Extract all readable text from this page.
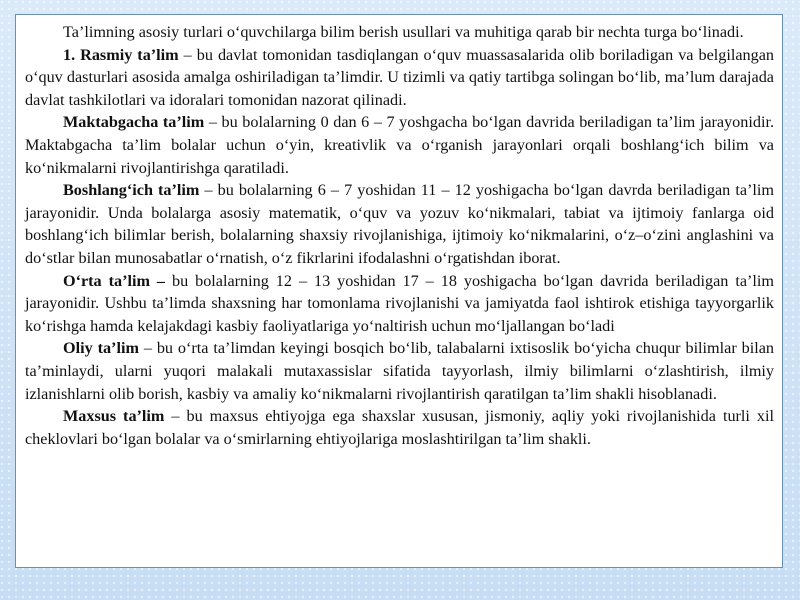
Ta’limning asosiy turlari o‘quvchilarga bilim berish usullari va muhitiga qarab bir nechta turga bo‘linadi.

1. Rasmiy ta’lim – bu davlat tomonidan tasdiqlangan o‘quv muassasalarida olib boriladigan va belgilangan o‘quv dasturlari asosida amalga oshiriladigan ta’limdir. U tizimli va qatiy tartibga solingan bo‘lib, ma’lum darajada davlat tashkilotlari va idoralari tomonidan nazorat qilinadi.

Maktabgacha ta’lim – bu bolalarning 0 dan 6 – 7 yoshgacha bo‘lgan davrida beriladigan ta’lim jarayonidir. Maktabgacha ta’lim bolalar uchun o‘yin, kreativlik va o‘rganish jarayonlari orqali boshlang‘ich bilim va ko‘nikmalarni rivojlantirishga qaratiladi.

Boshlang‘ich ta’lim – bu bolalarning 6 – 7 yoshidan 11 – 12 yoshigacha bo‘lgan davrda beriladigan ta’lim jarayonidir. Unda bolalarga asosiy matematik, o‘quv va yozuv ko‘nikmalari, tabiat va ijtimoiy fanlarga oid boshlang‘ich bilimlar berish, bolalarning shaxsiy rivojlanishiga, ijtimoiy ko‘nikmalarini, o‘z–o‘zini anglashini va do‘stlar bilan munosabatlar o‘rnatish, o‘z fikrlarini ifodalashni o‘rgatishdan iborat.

O‘rta ta’lim – bu bolalarning 12 – 13 yoshidan 17 – 18 yoshigacha bo‘lgan davrida beriladigan ta’lim jarayonidir. Ushbu ta’limda shaxsning har tomonlama rivojlanishi va jamiyatda faol ishtirok etishiga tayyorgarlik ko‘rishga hamda kelajakdagi kasbiy faoliyatlariga yo‘naltirish uchun mo‘ljallangan bo‘ladi

Oliy ta’lim – bu o‘rta ta’limdan keyingi bosqich bo‘lib, talabalarni ixtisoslik bo‘yicha chuqur bilimlar bilan ta’minlaydi, ularni yuqori malakali mutaxassislar sifatida tayyorlash, ilmiy bilimlarni o‘zlashtirish, ilmiy izlanishlarni olib borish, kasbiy va amaliy ko‘nikmalarni rivojlantirish qaratilgan ta’lim shakli hisoblanadi.

Maxsus ta’lim – bu maxsus ehtiyojga ega shaxslar xususan, jismoniy, aqliy yoki rivojlanishida turli xil cheklovlari bo‘lgan bolalar va o‘smirlarning ehtiyojlariga moslashtirilgan ta’lim shakli.
